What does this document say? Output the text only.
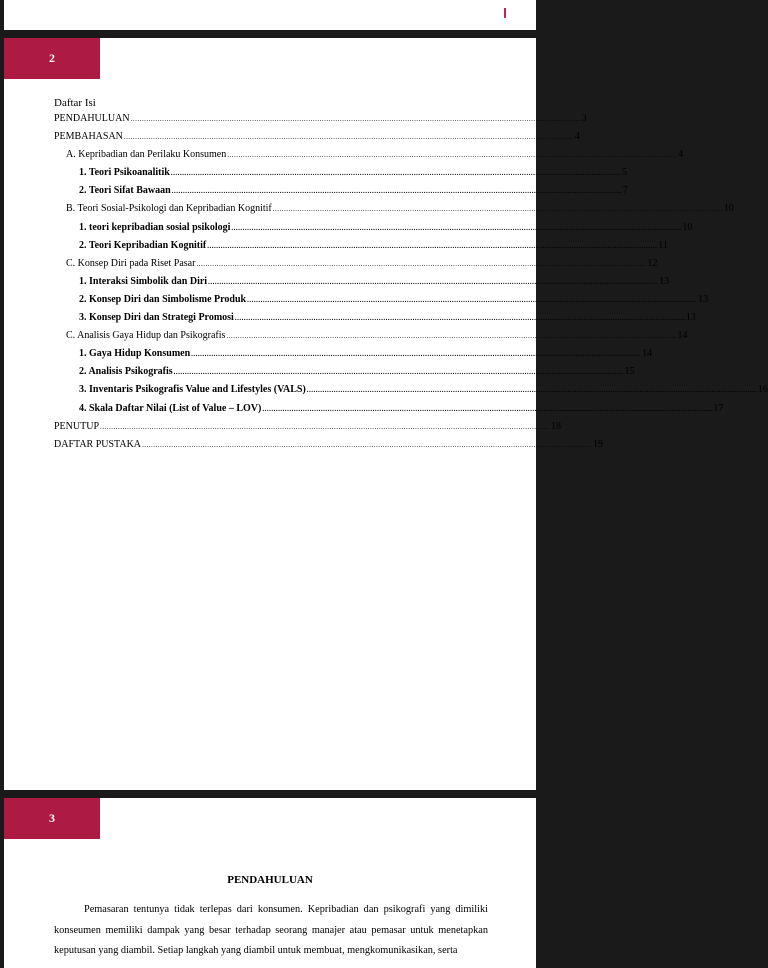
2
Daftar Isi
PENDAHULUAN ........................................................................................................................................................................................................ 3
PEMBAHASAN ........................................................................................................................................................................................................ 4
A. Kepribadian dan Perilaku Konsumen ........................................................................................................................................................................................................ 4
1. Teori Psikoanalitik ........................................................................................................................................................................................................ 5
2. Teori Sifat Bawaan ........................................................................................................................................................................................................ 7
B. Teori Sosial-Psikologi dan Kepribadian Kognitif ........................................................................................................................................................................................................ 10
1. teori kepribadian sosial psikologi ........................................................................................................................................................................................................ 10
2. Teori Kepribadian Kognitif ........................................................................................................................................................................................................ 11
C. Konsep Diri pada Riset Pasar ........................................................................................................................................................................................................ 12
1. Interaksi Simbolik dan Diri ........................................................................................................................................................................................................ 13
2. Konsep Diri dan Simbolisme Produk ........................................................................................................................................................................................................ 13
3. Konsep Diri dan Strategi Promosi ........................................................................................................................................................................................................ 13
C. Analisis Gaya Hidup dan Psikografis ........................................................................................................................................................................................................ 14
1. Gaya Hidup Konsumen ........................................................................................................................................................................................................ 14
2. Analisis Psikografis ........................................................................................................................................................................................................ 15
3. Inventaris Psikografis Value and Lifestyles (VALS) ........................................................................................................................................................................................................ 16
4. Skala Daftar Nilai (List of Value – LOV) ........................................................................................................................................................................................................ 17
PENUTUP ........................................................................................................................................................................................................ 18
DAFTAR PUSTAKA ........................................................................................................................................................................................................ 19
3
PENDAHULUAN

Pemasaran tentunya tidak terlepas dari konsumen. Kepribadian dan psikografi yang dimiliki konseumen memiliki dampak yang besar terhadap seorang manajer atau pemasar untuk menetapkan keputusan yang diambil. Setiap langkah yang diambil untuk membuat, mengkomunikasikan, serta
